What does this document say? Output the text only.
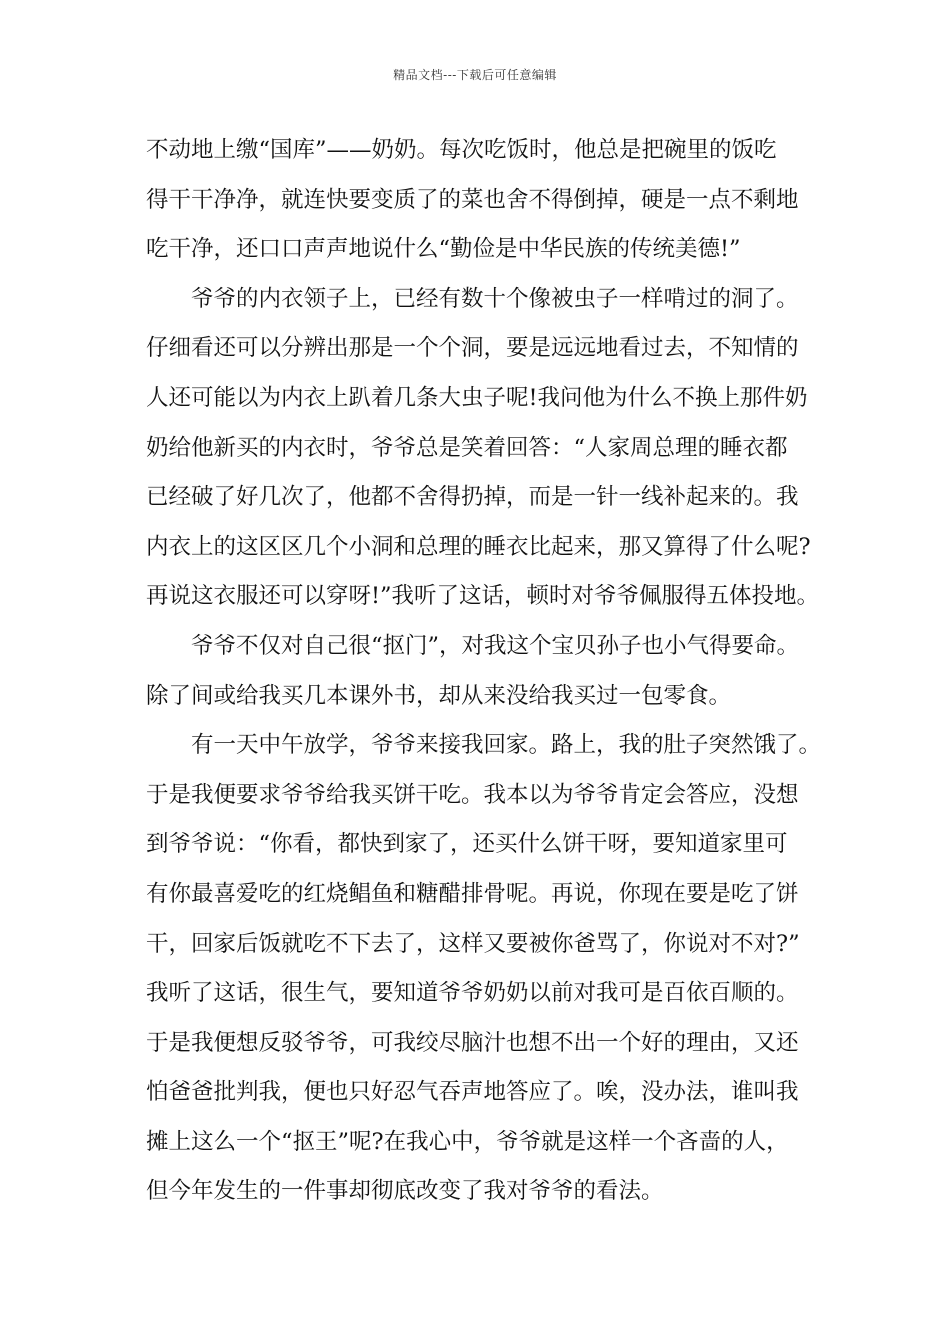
精品文档---下载后可任意编辑
不动地上缴“国库”——奶奶。每次吃饭时，他总是把碗里的饭吃
得干干净净，就连快要变质了的菜也舍不得倒掉，硬是一点不剩地
吃干净，还口口声声地说什么“勤俭是中华民族的传统美德!”
爷爷的内衣领子上，已经有数十个像被虫子一样啃过的洞了。
仔细看还可以分辨出那是一个个洞，要是远远地看过去，不知情的
人还可能以为内衣上趴着几条大虫子呢!我问他为什么不换上那件奶
奶给他新买的内衣时，爷爷总是笑着回答：“人家周总理的睡衣都
已经破了好几次了，他都不舍得扔掉，而是一针一线补起来的。我
内衣上的这区区几个小洞和总理的睡衣比起来，那又算得了什么呢?
再说这衣服还可以穿呀!”我听了这话，顿时对爷爷佩服得五体投地。
爷爷不仅对自己很“抠门”，对我这个宝贝孙子也小气得要命。
除了间或给我买几本课外书，却从来没给我买过一包零食。
有一天中午放学，爷爷来接我回家。路上，我的肚子突然饿了。
于是我便要求爷爷给我买饼干吃。我本以为爷爷肯定会答应，没想
到爷爷说：“你看，都快到家了，还买什么饼干呀，要知道家里可
有你最喜爱吃的红烧鲳鱼和糖醋排骨呢。再说，你现在要是吃了饼
干，回家后饭就吃不下去了，这样又要被你爸骂了，你说对不对?”
我听了这话，很生气，要知道爷爷奶奶以前对我可是百依百顺的。
于是我便想反驳爷爷，可我绞尽脑汁也想不出一个好的理由，又还
怕爸爸批判我，便也只好忍气吞声地答应了。唉，没办法，谁叫我
摊上这么一个“抠王”呢?在我心中，爷爷就是这样一个吝啬的人，
但今年发生的一件事却彻底改变了我对爷爷的看法。
